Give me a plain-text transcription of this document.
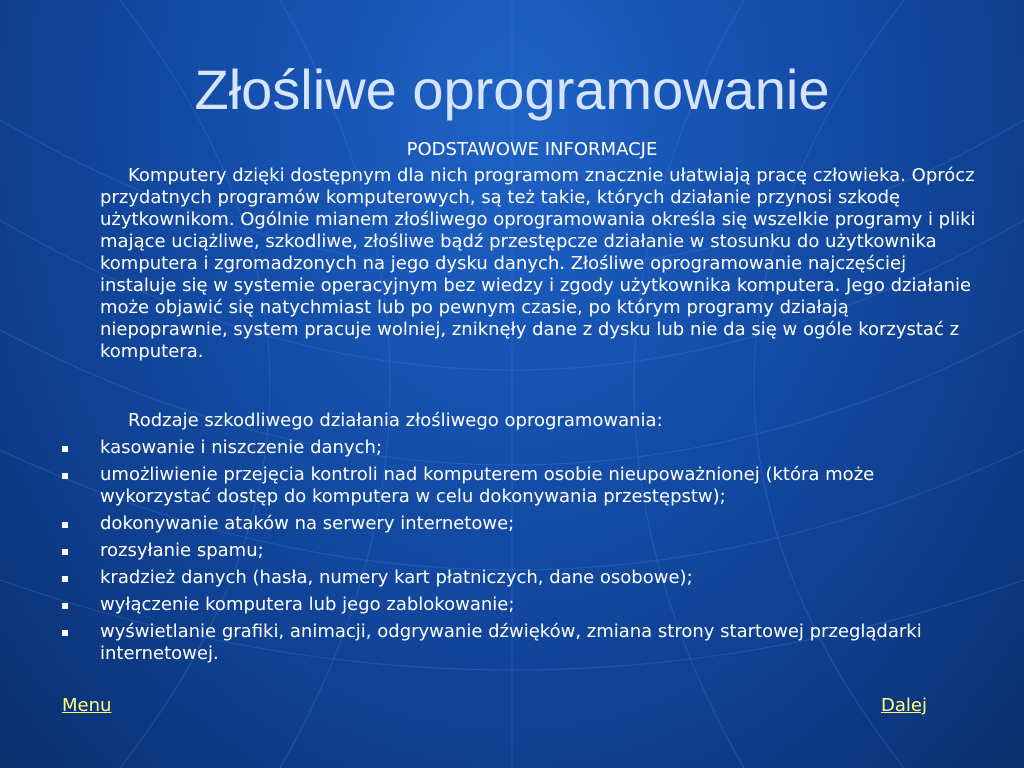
Złośliwe oprogramowanie
PODSTAWOWE INFORMACJE

Komputery dzięki dostępnym dla nich programom znacznie ułatwiają pracę człowieka. Oprócz przydatnych programów komputerowych, są też takie, których działanie przynosi szkodę użytkownikom. Ogólnie mianem złośliwego oprogramowania określa się wszelkie programy i pliki mające uciążliwe, szkodliwe, złośliwe bądź przestępcze działanie w stosunku do użytkownika komputera i zgromadzonych na jego dysku danych. Złośliwe oprogramowanie najczęściej instaluje się w systemie operacyjnym bez wiedzy i zgody użytkownika komputera. Jego działanie może objawić się natychmiast lub po pewnym czasie, po którym programy działają niepoprawnie, system pracuje wolniej, zniknęły dane z dysku lub nie da się w ogóle korzystać z komputera.

Rodzaje szkodliwego działania złośliwego oprogramowania:

kasowanie i niszczenie danych;
umożliwienie przejęcia kontroli nad komputerem osobie nieupoważnionej (która może wykorzystać dostęp do komputera w celu dokonywania przestępstw);
dokonywanie ataków na serwery internetowe;
rozsyłanie spamu;
kradzież danych (hasła, numery kart płatniczych, dane osobowe);
wyłączenie komputera lub jego zablokowanie;
wyświetlanie grafiki, animacji, odgrywanie dźwięków, zmiana strony startowej przeglądarki internetowej.
Menu	Dalej
